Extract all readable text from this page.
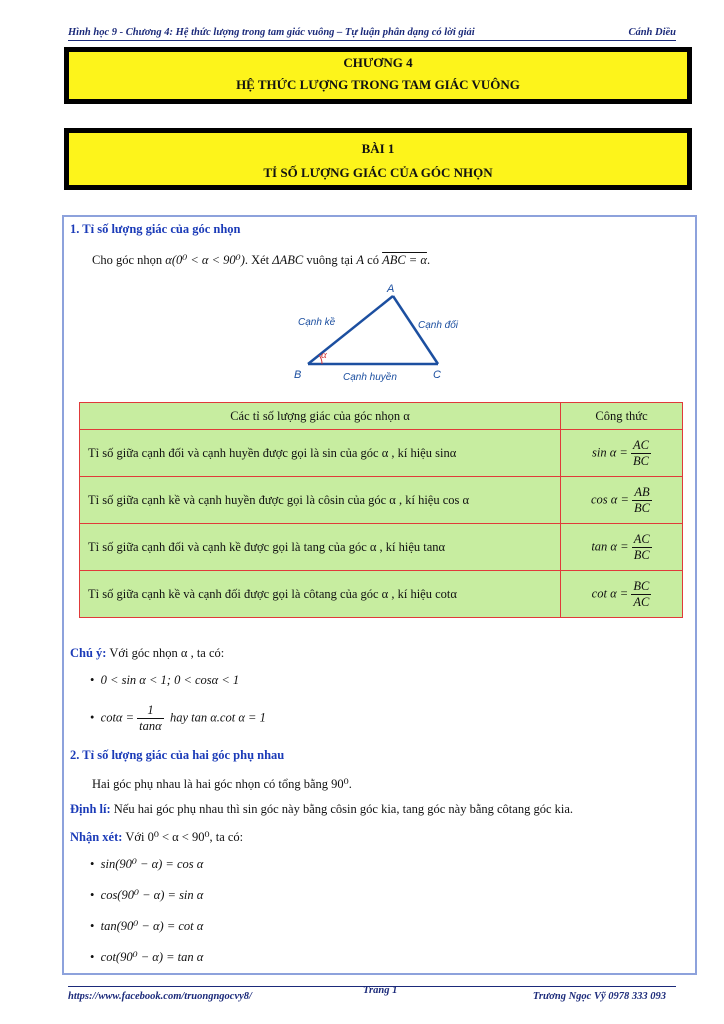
Hình học 9 - Chương 4: Hệ thức lượng trong tam giác vuông – Tự luận phân dạng có lời giải	Cánh Diều
CHƯƠNG 4
HỆ THỨC LƯỢNG TRONG TAM GIÁC VUÔNG
BÀI 1
TỈ SỐ LƯỢNG GIÁC CỦA GÓC NHỌN
1. Tỉ số lượng giác của góc nhọn
Cho góc nhọn α(0⁰ < α < 90⁰). Xét ΔABC vuông tại A có ABC = α.
A
B	C
α
Cạnh kề	Cạnh đối
Cạnh huyền
Các tỉ số lượng giác của góc nhọn α	Công thức
Tỉ số giữa cạnh đối và cạnh huyền được gọi là sin của góc α , kí hiệu sinα	$\sin \alpha = \frac{AC}{BC}$

Tỉ số giữa cạnh kề và cạnh huyền được gọi là côsin của góc α , kí hiệu cos α	$\cos \alpha = \frac{AB}{BC}$

Tỉ số giữa cạnh đối và cạnh kề được gọi là tang của góc α , kí hiệu tanα	$\tan \alpha = \frac{AC}{BC}$

Tỉ số giữa cạnh kề và cạnh đối được gọi là côtang của góc α , kí hiệu cotα	$\cot \alpha = \frac{BC}{AC}$
Chú ý: Với góc nhọn α , ta có:
•  0 < sin α < 1; 0 < cosα < 1
•  $\cot\alpha = \frac{1}{\tan\alpha}$ hay tan α.cot α = 1
2. Tỉ số lượng giác của hai góc phụ nhau
Hai góc phụ nhau là hai góc nhọn có tổng bằng 90⁰.
Định lí: Nếu hai góc phụ nhau thì sin góc này bằng côsin góc kia, tang góc này bằng côtang góc kia.
Nhận xét: Với 0⁰ < α < 90⁰, ta có:
•  sin(90⁰ − α) = cos α
•  cos(90⁰ − α) = sin α
•  tan(90⁰ − α) = cot α
•  cot(90⁰ − α) = tan α
https://www.facebook.com/truongngocvy8/
Trang 1
Trương Ngọc Vỹ 0978 333 093
